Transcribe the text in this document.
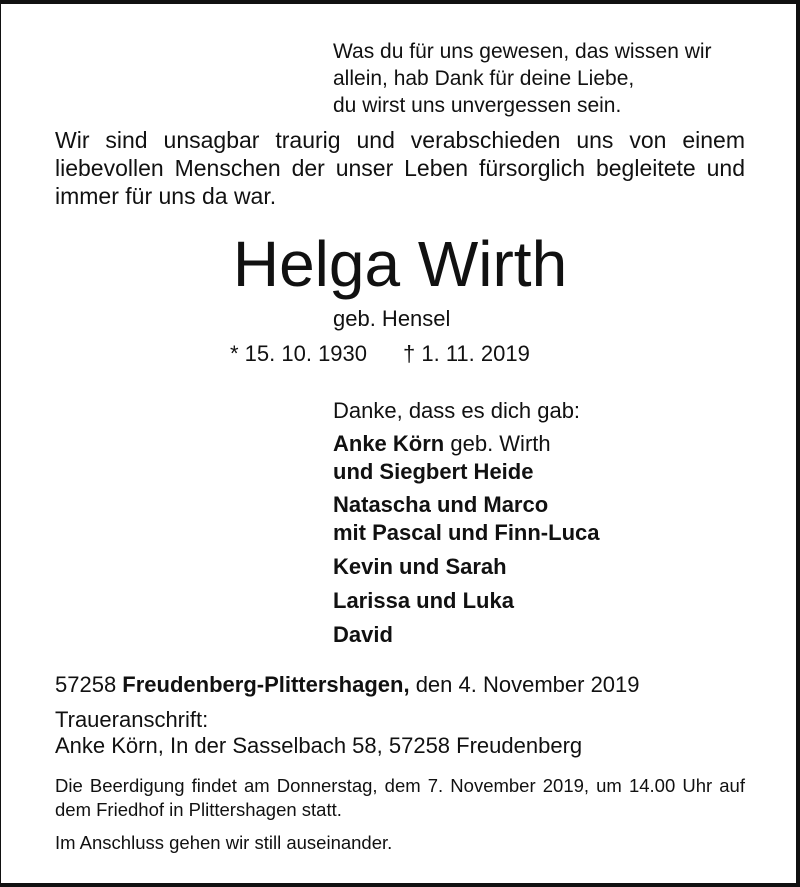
Was du für uns gewesen, das wissen wir
allein, hab Dank für deine Liebe,
du wirst uns unvergessen sein.
Wir sind unsagbar traurig und verabschieden uns von einem liebevollen Menschen der unser Leben fürsorglich begleitete und immer für uns da war.
Helga Wirth
geb. Hensel
* 15. 10. 1930 † 1. 11. 2019
Danke, dass es dich gab:
Anke Körn geb. Wirth
und Siegbert Heide
Natascha und Marco
mit Pascal und Finn-Luca
Kevin und Sarah
Larissa und Luka
David
57258 Freudenberg-Plittershagen, den 4. November 2019
Traueranschrift:
Anke Körn, In der Sasselbach 58, 57258 Freudenberg
Die Beerdigung findet am Donnerstag, dem 7. November 2019, um 14.00 Uhr auf dem Friedhof in Plittershagen statt.
Im Anschluss gehen wir still auseinander.
